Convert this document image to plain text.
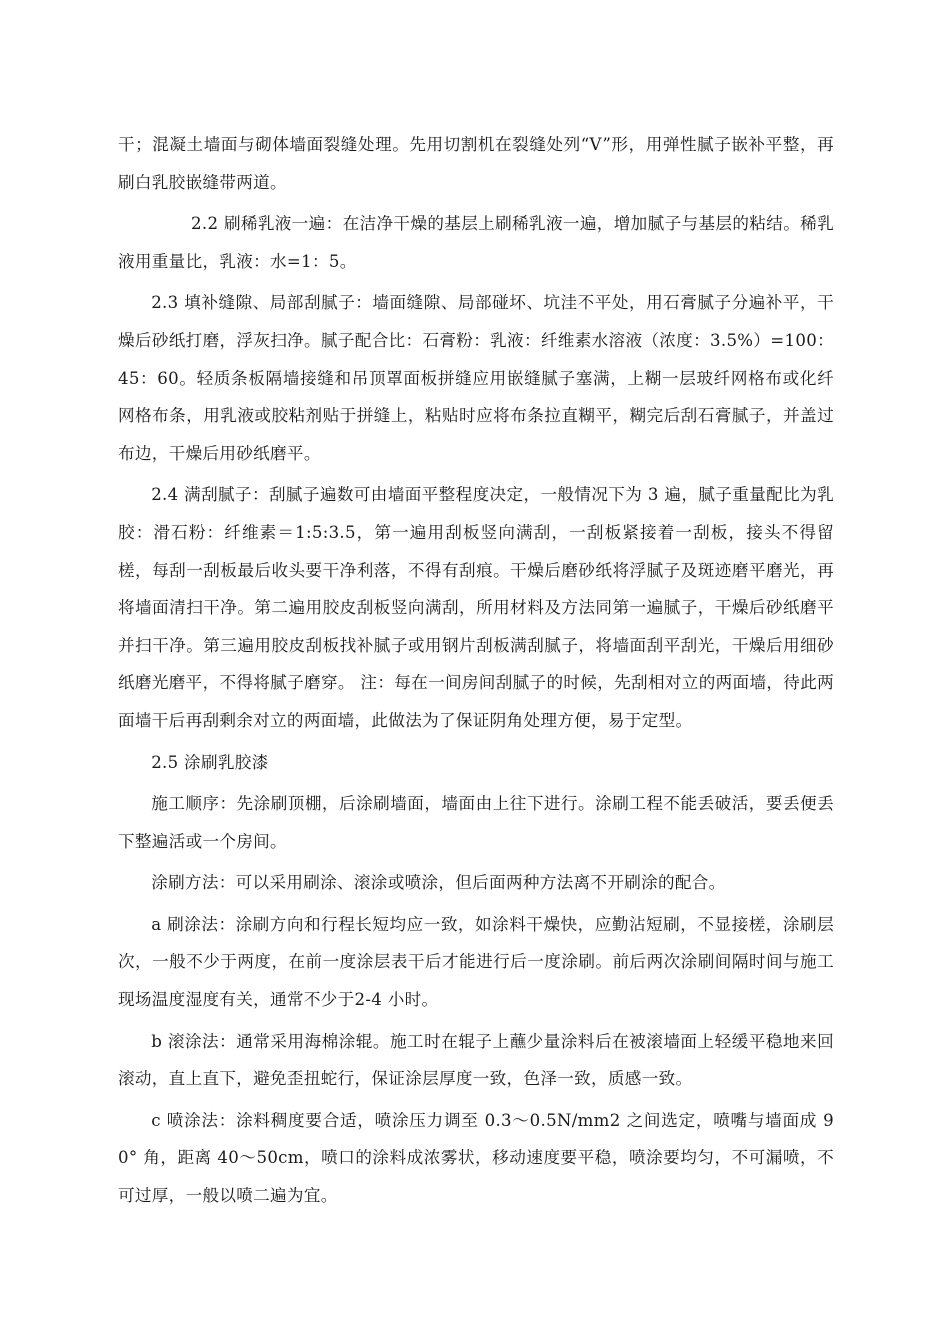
干；混凝土墙面与砌体墙面裂缝处理。先用切割机在裂缝处列“V”形，用弹性腻子嵌补平整，再刷白乳胶嵌缝带两道。

2.2 刷稀乳液一遍：在洁净干燥的基层上刷稀乳液一遍，增加腻子与基层的粘结。稀乳液用重量比，乳液：水=1：5。

2.3 填补缝隙、局部刮腻子：墙面缝隙、局部碰坏、坑洼不平处，用石膏腻子分遍补平，干燥后砂纸打磨，浮灰扫净。腻子配合比：石膏粉：乳液：纤维素水溶液（浓度：3.5%）=100：45：60。轻质条板隔墙接缝和吊顶罩面板拼缝应用嵌缝腻子塞满，上糊一层玻纤网格布或化纤网格布条，用乳液或胶粘剂贴于拼缝上，粘贴时应将布条拉直糊平，糊完后刮石膏腻子，并盖过布边，干燥后用砂纸磨平。

2.4 满刮腻子：刮腻子遍数可由墙面平整程度决定，一般情况下为 3 遍，腻子重量配比为乳胶：滑石粉：纤维素＝1:5:3.5，第一遍用刮板竖向满刮，一刮板紧接着一刮板，接头不得留槎，每刮一刮板最后收头要干净利落，不得有刮痕。干燥后磨砂纸将浮腻子及斑迹磨平磨光，再将墙面清扫干净。第二遍用胶皮刮板竖向满刮，所用材料及方法同第一遍腻子，干燥后砂纸磨平并扫干净。第三遍用胶皮刮板找补腻子或用钢片刮板满刮腻子，将墙面刮平刮光，干燥后用细砂纸磨光磨平，不得将腻子磨穿。 注：每在一间房间刮腻子的时候，先刮相对立的两面墙，待此两面墙干后再刮剩余对立的两面墙，此做法为了保证阴角处理方便，易于定型。

2.5 涂刷乳胶漆

施工顺序：先涂刷顶棚，后涂刷墙面，墙面由上往下进行。涂刷工程不能丢破活，要丢便丢下整遍活或一个房间。

涂刷方法：可以采用刷涂、滚涂或喷涂，但后面两种方法离不开刷涂的配合。

a 刷涂法：涂刷方向和行程长短均应一致，如涂料干燥快，应勤沾短刷，不显接槎，涂刷层次，一般不少于两度，在前一度涂层表干后才能进行后一度涂刷。前后两次涂刷间隔时间与施工现场温度湿度有关，通常不少于2-4 小时。

b 滚涂法：通常采用海棉涂辊。施工时在辊子上蘸少量涂料后在被滚墙面上轻缓平稳地来回滚动，直上直下，避免歪扭蛇行，保证涂层厚度一致，色泽一致，质感一致。

c 喷涂法：涂料稠度要合适，喷涂压力调至 0.3～0.5N/mm2 之间选定，喷嘴与墙面成 90° 角，距离 40～50cm，喷口的涂料成浓雾状，移动速度要平稳，喷涂要均匀，不可漏喷，不可过厚，一般以喷二遍为宜。
